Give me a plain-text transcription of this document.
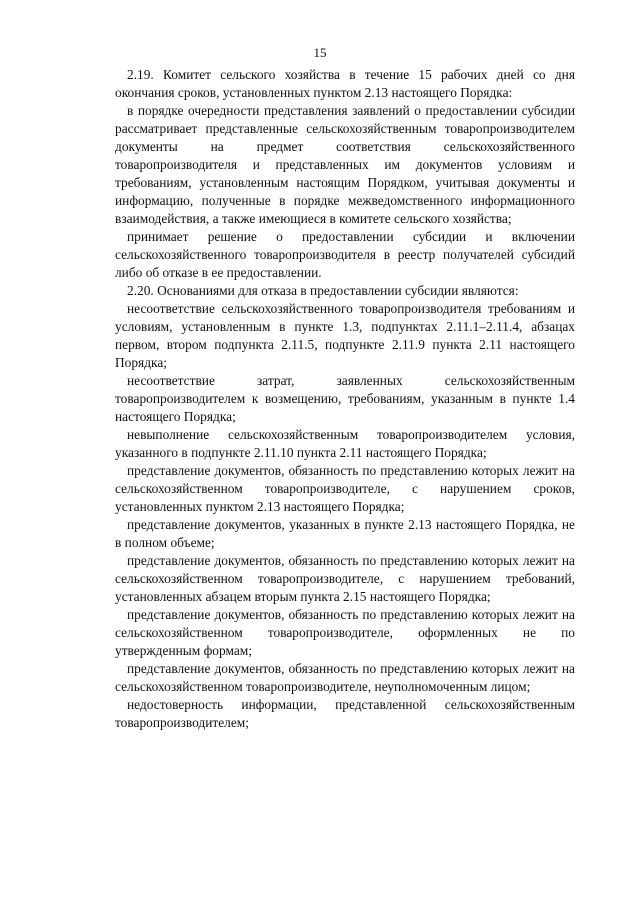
15

2.19. Комитет сельского хозяйства в течение 15 рабочих дней со дня окончания сроков, установленных пунктом 2.13 настоящего Порядка:

в порядке очередности представления заявлений о предоставлении субсидии рассматривает представленные сельскохозяйственным товаропроизводителем документы на предмет соответствия сельскохозяйственного товаропроизводителя и представленных им документов условиям и требованиям, установленным настоящим Порядком, учитывая документы и информацию, полученные в порядке межведомственного информационного взаимодействия, а также имеющиеся в комитете сельского хозяйства;

принимает решение о предоставлении субсидии и включении сельскохозяйственного товаропроизводителя в реестр получателей субсидий либо об отказе в ее предоставлении.

2.20. Основаниями для отказа в предоставлении субсидии являются:

несоответствие сельскохозяйственного товаропроизводителя требованиям и условиям, установленным в пункте 1.3, подпунктах 2.11.1–2.11.4, абзацах первом, втором подпункта 2.11.5, подпункте 2.11.9 пункта 2.11 настоящего Порядка;

несоответствие затрат, заявленных сельскохозяйственным товаропроизводителем к возмещению, требованиям, указанным в пункте 1.4 настоящего Порядка;

невыполнение сельскохозяйственным товаропроизводителем условия, указанного в подпункте 2.11.10 пункта 2.11 настоящего Порядка;

представление документов, обязанность по представлению которых лежит на сельскохозяйственном товаропроизводителе, с нарушением сроков, установленных пунктом 2.13 настоящего Порядка;

представление документов, указанных в пункте 2.13 настоящего Порядка, не в полном объеме;

представление документов, обязанность по представлению которых лежит на сельскохозяйственном товаропроизводителе, с нарушением требований, установленных абзацем вторым пункта 2.15 настоящего Порядка;

представление документов, обязанность по представлению которых лежит на сельскохозяйственном товаропроизводителе, оформленных не по утвержденным формам;

представление документов, обязанность по представлению которых лежит на сельскохозяйственном товаропроизводителе, неуполномоченным лицом;

недостоверность информации, представленной сельскохозяйственным товаропроизводителем;
